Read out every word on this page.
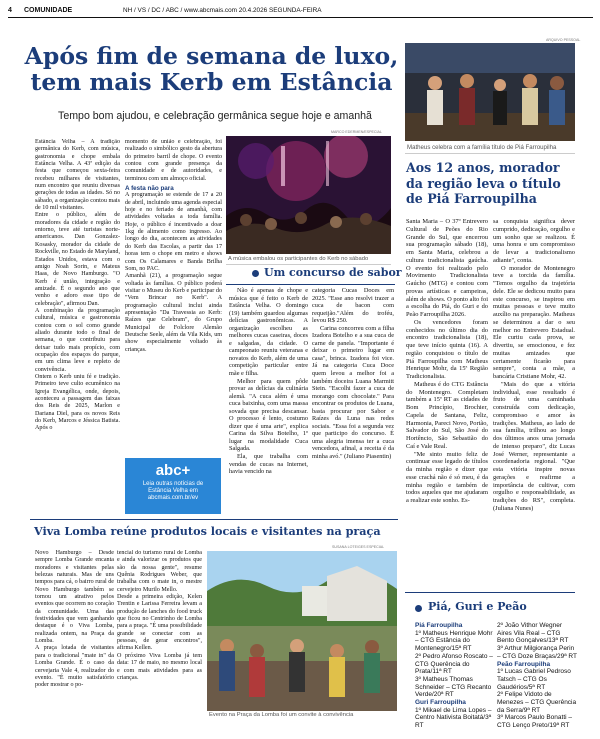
4 COMUNIDADE	NH / VS / DC / ABC / www.abcmais.com 20.4.2026 SEGUNDA-FEIRA
Após fim de semana de luxo,
tem mais Kerb em Estância
Tempo bom ajudou, e celebração germânica segue hoje e amanhã

Estância Velha – A tradição germânica do Kerb, com música, gastronomia e chope embala Estância Velha. A 43ª edição da festa que começou sexta-feira recebeu milhares de visitantes, num encontro que reuniu diversas gerações de todas as idades. Só no sábado, a organização contou mais de 10 mil visitantes.

Entre o público, além de moradores da cidade e região do entorno, teve até turistas norte-americanos. Dan Gonzalez-Kosasky, morador da cidade de Rockville, no Estado de Maryland, Estados Unidos, estava com o amigo Noah Sorin, e Mateus Haas, de Novo Hamburgo. "O Kerb é união, integração e amizade. É o segundo ano que venho e adoro esse tipo de celebração", afirmou Dan.

A combinação da programação cultural, música e gastronomia contou com o sol como grande aliado durante todo o final de semana, o que contribuiu para deixar tudo mais propício, com ocupação dos espaços do parque, em um clima leve e repleto de convivência.

Ontem o Kerb uniu fé e tradição. Primeiro teve culto ecumênico na Igreja Evangélica, onde, depois, aconteceu a passagem das faixas dos Reis de 2025, Marlon e Dariana Diel, para os novos Reis do Kerb, Marcos e Jéssica Batista. Após o

momento de união e celebração, foi realizado o simbólico gesto da abertura do primeiro barril de chope. O evento contou com grande presença da comunidade e de autoridades, e terminou com um almoço oficial.

A festa não para

A programação se estende de 17 a 20 de abril, incluindo uma agenda especial hoje e no feriado de amanhã, com atividades voltadas a toda família. Hoje, o público é incentivado a doar 1kg de alimento como ingresso. Ao longo do dia, acontecem as atividades do Kerb das Escolas, a partir das 17 horas tem o chope em metro e shows com Os Calamares e Banda Brilha Som, no PAC.

Amanhã (21), a programação segue voltada às famílias. O público poderá visitar o Museu do Kerb e participar do "Vem Brincar no Kerb". A programação cultural inclui ainda apresentação "Da Travessia ao Kerb: Raízes que Celebram", do Grupo Municipal de Folclore Alemão Deutsche Seele, além da Vila Kids, um show especialmente voltado às crianças.

abc+
Leia outras notícias de Estância Velha em abcmais.com.br/ev
MARCO EDERMEN/ESPECIAL
A música embalou os participantes do Kerb no sábado
Um concurso de sabor

Não é apenas de chope e música que é feito o Kerb de Estância Velha. O domingo (19) também guardou algumas delícias gastronômicas. A organização escolheu as melhores cucas caseiras, doces e salgadas, da cidade. O campeonato reuniu veteranas e novatos do Kerb, além de uma competição particular entre mãe e filha.

Melhor para quem pôde provar as delícias da culinária alemã. "A cuca além é uma cuca baixinha, com uma massa sovada que precisa descansar. O processo é lento, costumo dizer que é uma arte", explica Carina da Silva Botelho, 1º lugar na modalidade Cuca Salgada.

Ela, que trabalha com vendas de cucas na Internet, havia vencido na

categoria Cucas Doces em 2025. "Esse ano resolvi trazer a cuca de bacon com requeijão."Além do troféu, levou R$ 250.

Carina concorreu com a filha Izadora Botelho e a sua cuca de carne de panela. "Importante é deixar o primeiro lugar em casa", brinca. Izadora foi vice. Já na categoria Cuca Doce quem levou a melhor foi a também doceira Luana Marmitt Stein. "Escolhi fazer a cuca de morango com chocolate." Para encontrar os produtos de Luana, basta procurar por Sabor e Raízes da Luna nas redes sociais. "Essa foi a segunda vez que participo do concurso. É uma alegria imensa ter a cuca vencedora, afinal, a receita é da minha avó." (Juliano Piasentin)

Viva Lomba reúne produtos locais e visitantes na praça
SUSANA LOTE/GES ESPECIAL

Novo Hamburgo – Desde sempre Lomba Grande encanta moradores e visitantes pelas belezas naturais. Mas de uns tempos para cá, o bairro rural de Novo Hamburgo também se tornou um atrativo pelos eventos que ocorrem no coração da comunidade. Uma das festividades que vem ganhando destaque é o Viva Lomba, realizada ontem, na Praça da Lomba.

A praça lotada de visitantes para o tradicional "mate in" da Lomba Grande. É o caso da cervejaria Vale 4, realizador do evento. "É muito satisfatório poder mostrar o po-

tencial do turismo rural de Lomba e ainda valorizar os produtos que são da nossa gente", resume Quênia Rodrigues Weber, que trabalha com o mate in, o mestre cervejeiro Murilo Mello.

Desde a primeira edição, Kelen Trentin e Larissa Ferreira levam a produção de lanches do food truck que ficou no Centrinho de Lomba para a praça. "É uma possibilidade grande se conectar com as pessoas, de gerar encontros", afirma Kellen.

O próximo Viva Lomba já tem data: 17 de maio, no mesmo local e com mais atividades para as crianças.

Evento na Praça da Lomba foi um convite à convivência
ARQUIVO PESSOAL
Matheus celebra com a família título de Piá Farroupilha
Aos 12 anos, morador da região leva o título de Piá Farroupilha

Santa Maria – O 37º Entrevero Cultural de Peões do Rio Grande do Sul, que encerrou sua programação sábado (18), em Santa Maria, celebrou a cultura tradicionalista gaúcha. O evento foi realizado pelo Movimento Tradicionalista Gaúcho (MTG) e contou com provas artísticas e campeiras, além de shows. O ponto alto foi a escolha do Piá, do Guri e do Peão Farroupilha 2026.

Os vencedores foram conhecidos no último dia do encontro tradicionalista (18), que teve início quinta (16). A região conquistou o título de Piá Farroupilha com Matheus Henrique Mohr, da 15ª Região Tradicionalista.

Matheus é do CTG Estância do Montenegro. Completam também a 15ª RT as cidades de Bom Princípio, Brochier, Capela de Santana, Feliz, Harmonia, Pareci Novo, Portão, Salvador do Sul, São José do Hortêncio, São Sebastião do Caí e Vale Real.

"Me sinto muito feliz de continuar esse legado de títulos da minha região e dizer que esse crachá não é só meu, é da minha região e também de todos aqueles que me ajudaram a realizar este sonho. Es-

sa conquista significa dever cumprido, dedicação, orgulho e um sonho que se realizou. É uma honra e um compromisso de levar a tradicionalismo adiante", conta.

O morador de Montenegro teve a torcida da família. "Temos orgulho da trajetória dele. Ele se dedicou muito para este concurso, se inspirou em muitas pessoas e teve muito auxílio na preparação. Matheus se determinou a dar o seu melhor no Entrevero Estadual. Ele curtiu cada prova, se divertiu, se emocionou, e fez muitas amizades que certamente ficarão para sempre", conta a mãe, a bancária Cristiane Mohr, 42.

"Mais do que a vitória individual, esse resultado é fruto de uma caminhada construída com dedicação, compromisso e amor às tradições. Matheus, ao lado de sua família, trilhou ao longo dos últimos anos uma jornada de intenso preparo", diz Lucas José Werner, representante a coordenadoria regional. "Que esta vitória inspire novas gerações e reafirme a importância de cultivar, com orgulho e responsabilidade, as tradições do RS", completa. (Juliana Nunes)

Piá, Guri e Peão
Piá Farroupilha
1º Matheus Henrique Mohr – CTG Estância do Montenegro/15ª RT
2º Pedro Afonso Roscato – CTG Querência do Prata/11ª RT
3º Matheus Thomas Schneider – CTG Recanto Verde/20ª RT
Guri Farroupilha
1º Mikael de Lima Lopes – Centro Nativista Boitatá/3ª RT
2º João Vithor Wegner Aires Vila Real – CTG Bento Gonçalves/13ª RT
3º Arthur Milgiorança Perin – CTG Doze Braças/29ª RT
Peão Farroupilha
1º Lucas Gabriel Pedroso Tatsch – CTG Os Gaudérios/5ª RT
2º Felipe Vidoto de Menezes – CTG Querência da Serra/9ª RT
3º Marcos Paulo Bonatti – CTG Lenço Preto/19ª RT
